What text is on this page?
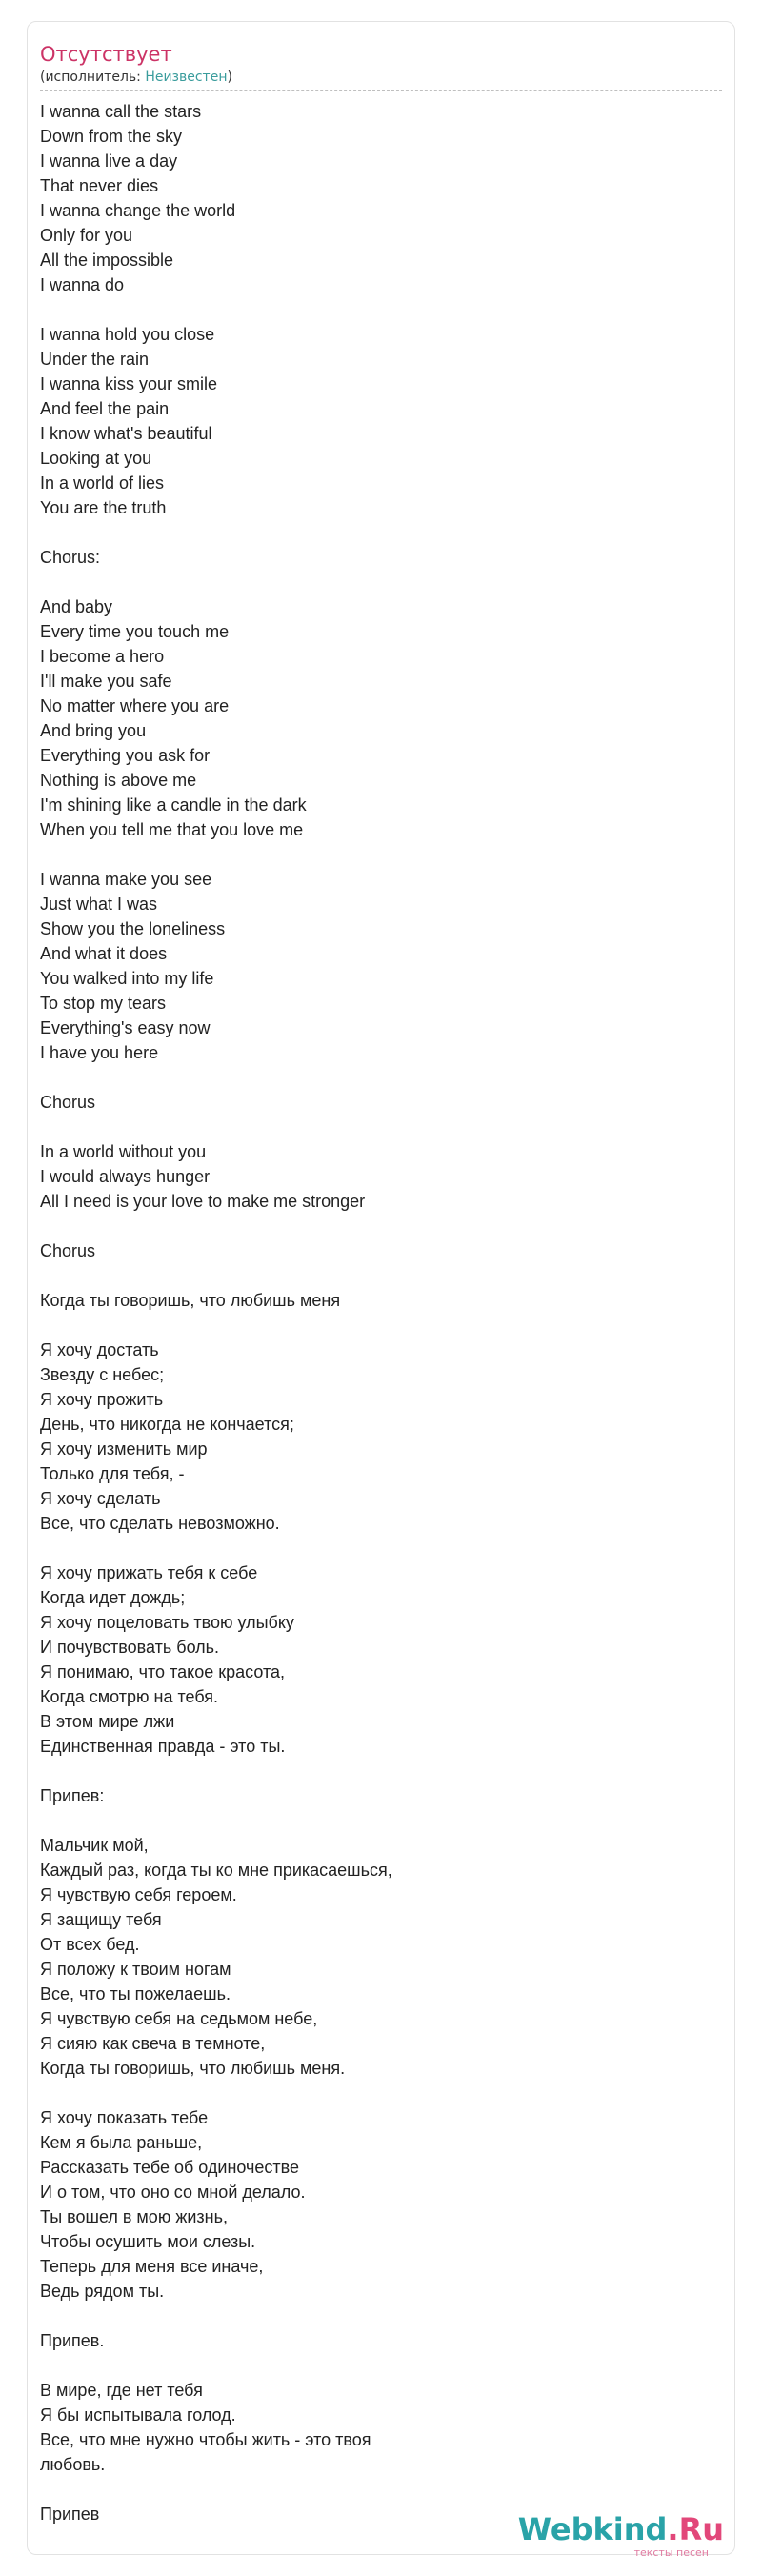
Отсутствует
(исполнитель: Неизвестен)
I wanna call the stars
Down from the sky
I wanna live a day
That never dies
I wanna change the world
Only for you
All the impossible
I wanna do
I wanna hold you close
Under the rain
I wanna kiss your smile
And feel the pain
I know what's beautiful
Looking at you
In a world of lies
You are the truth
Chorus:
And baby
Every time you touch me
I become a hero
I'll make you safe
No matter where you are
And bring you
Everything you ask for
Nothing is above me
I'm shining like a candle in the dark
When you tell me that you love me
I wanna make you see
Just what I was
Show you the loneliness
And what it does
You walked into my life
To stop my tears
Everything's easy now
I have you here
Chorus
In a world without you
I would always hunger
All I need is your love to make me stronger
Chorus
Когда ты говоришь, что любишь меня
Я хочу достать
Звезду с небес;
Я хочу прожить
День, что никогда не кончается;
Я хочу изменить мир
Только для тебя, -
Я хочу сделать
Все, что сделать невозможно.
Я хочу прижать тебя к себе
Когда идет дождь;
Я хочу поцеловать твою улыбку
И почувствовать боль.
Я понимаю, что такое красота,
Когда смотрю на тебя.
В этом мире лжи
Единственная правда - это ты.
Припев:
Мальчик мой,
Каждый раз, когда ты ко мне прикасаешься,
Я чувствую себя героем.
Я защищу тебя
От всех бед.
Я положу к твоим ногам
Все, что ты пожелаешь.
Я чувствую себя на седьмом небе,
Я сияю как свеча в темноте,
Когда ты говоришь, что любишь меня.
Я хочу показать тебе
Кем я была раньше,
Рассказать тебе об одиночестве
И о том, что оно со мной делало.
Ты вошел в мою жизнь,
Чтобы осушить мои слезы.
Теперь для меня все иначе,
Ведь рядом ты.
Припев.
В мире, где нет тебя
Я бы испытывала голод.
Все, что мне нужно чтобы жить - это твоя
любовь.
Припев	Webkind.Ru
тексты песен
